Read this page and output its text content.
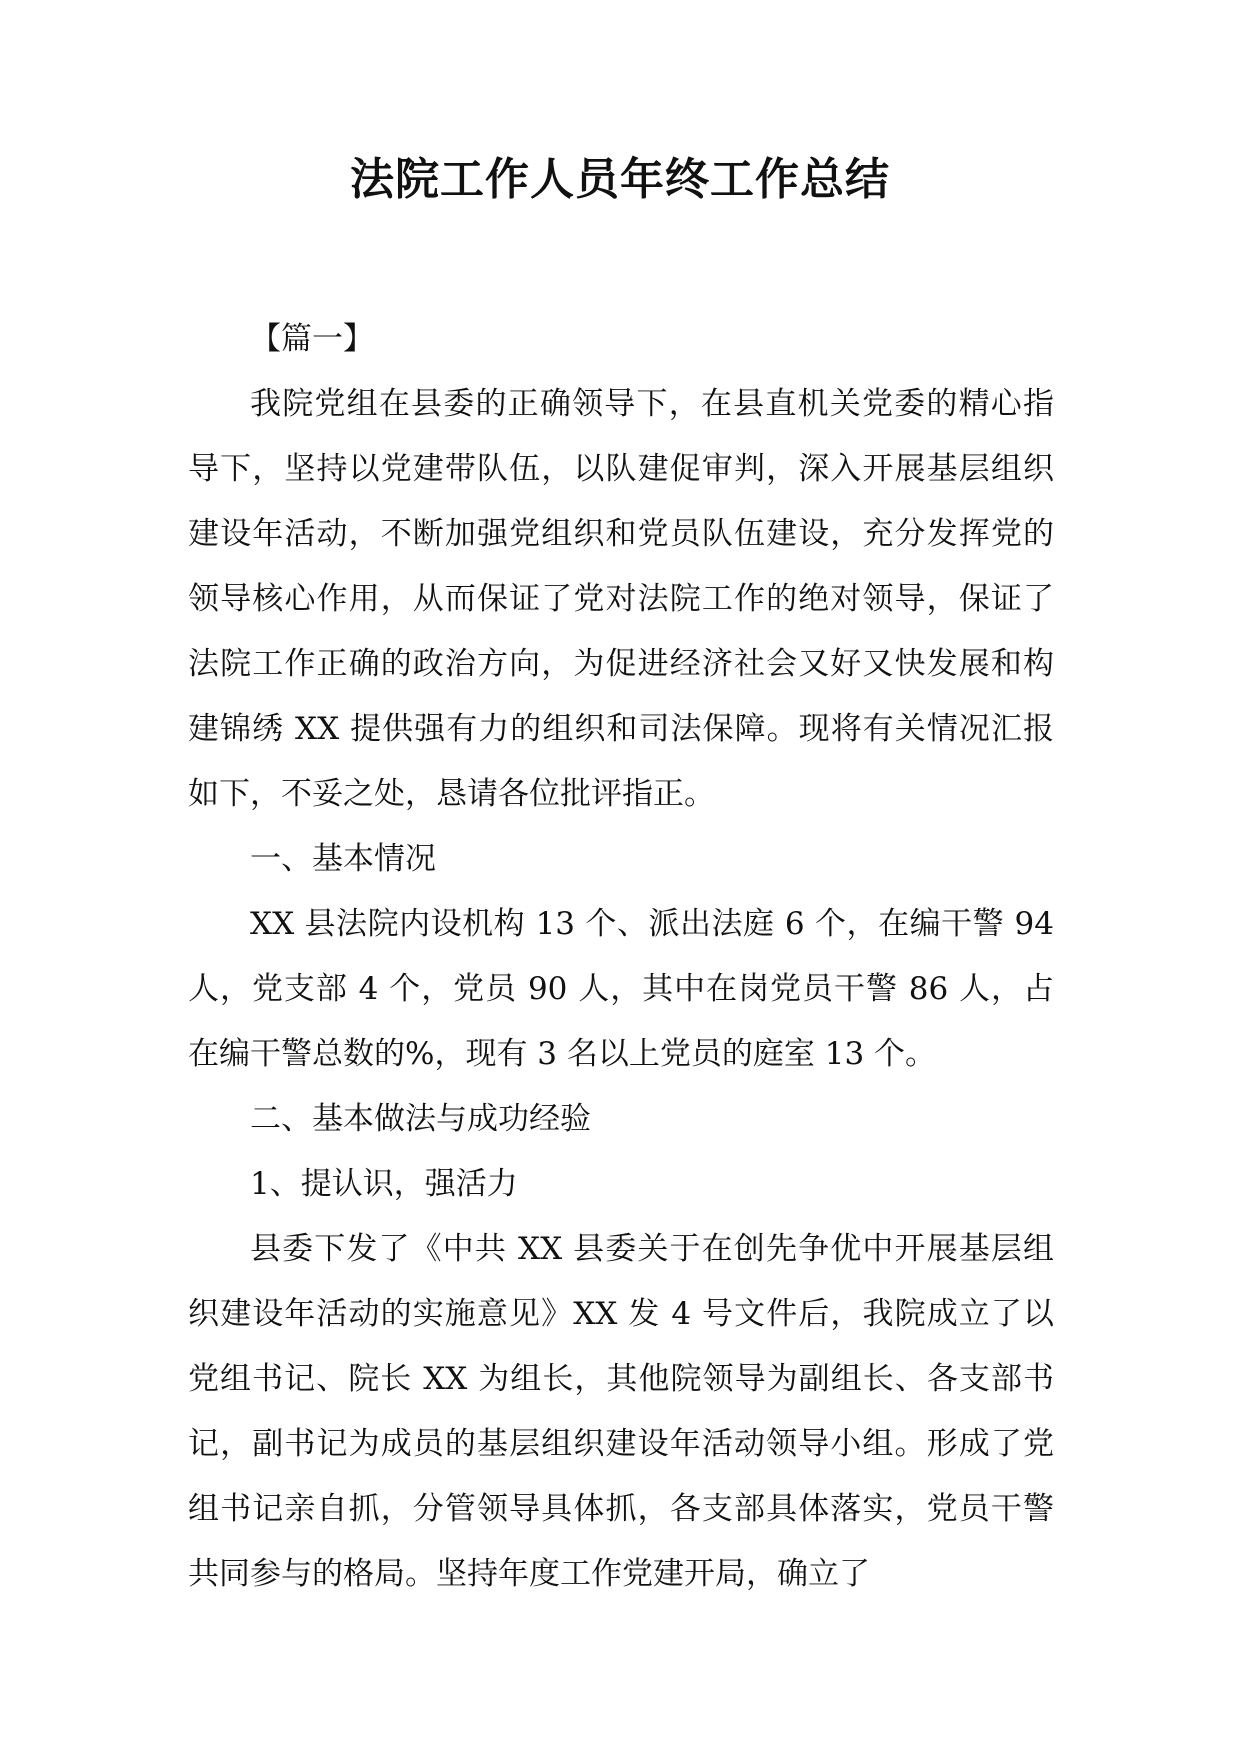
法院工作人员年终工作总结

【篇一】

我院党组在县委的正确领导下，在县直机关党委的精心指导下，坚持以党建带队伍，以队建促审判，深入开展基层组织建设年活动，不断加强党组织和党员队伍建设，充分发挥党的领导核心作用，从而保证了党对法院工作的绝对领导，保证了法院工作正确的政治方向，为促进经济社会又好又快发展和构建锦绣 XX 提供强有力的组织和司法保障。现将有关情况汇报如下，不妥之处，恳请各位批评指正。

一、基本情况

XX 县法院内设机构 13 个、派出法庭 6 个，在编干警 94 人，党支部 4 个，党员 90 人，其中在岗党员干警 86 人，占在编干警总数的%，现有 3 名以上党员的庭室 13 个。

二、基本做法与成功经验

1、提认识，强活力

县委下发了《中共 XX 县委关于在创先争优中开展基层组织建设年活动的实施意见》XX 发 4 号文件后，我院成立了以党组书记、院长 XX 为组长，其他院领导为副组长、各支部书记，副书记为成员的基层组织建设年活动领导小组。形成了党组书记亲自抓，分管领导具体抓，各支部具体落实，党员干警共同参与的格局。坚持年度工作党建开局，确立了
